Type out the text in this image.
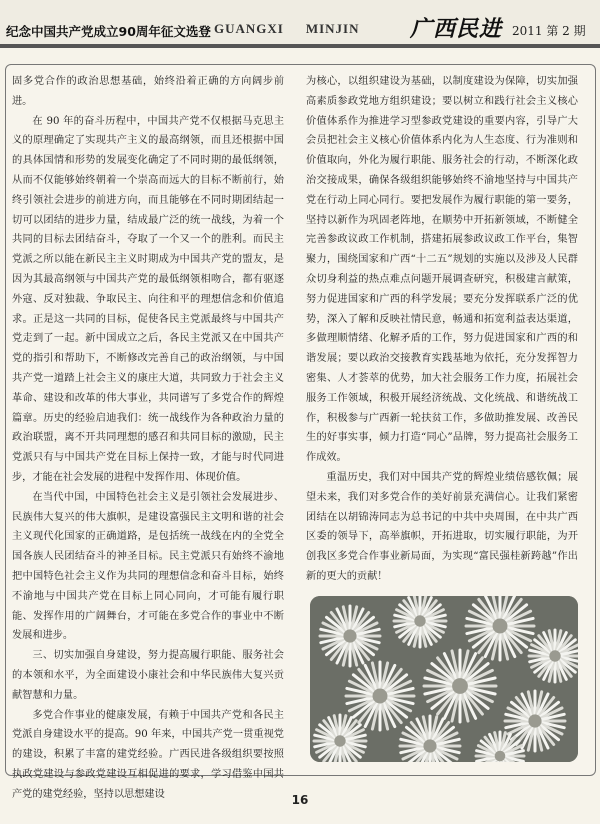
纪念中国共产党成立90周年征文选登 GUANGXI MINJIN 广西民进 2011 第 2 期

固多党合作的政治思想基础，始终沿着正确的方向阔步前进。

在 90 年的奋斗历程中，中国共产党不仅根据马克思主义的原理确定了实现共产主义的最高纲领，而且还根据中国的具体国情和形势的发展变化确定了不同时期的最低纲领，从而不仅能够始终朝着一个崇高而远大的目标不断前行，始终引领社会进步的前进方向，而且能够在不同时期团结起一切可以团结的进步力量，结成最广泛的统一战线，为着一个共同的目标去团结奋斗，夺取了一个又一个的胜利。而民主党派之所以能在新民主主义时期成为中国共产党的盟友，是因为其最高纲领与中国共产党的最低纲领相吻合，都有驱逐外寇、反对独裁、争取民主、向往和平的理想信念和价值追求。正是这一共同的目标，促使各民主党派最终与中国共产党走到了一起。新中国成立之后，各民主党派又在中国共产党的指引和帮助下，不断修改完善自己的政治纲领，与中国共产党一道踏上社会主义的康庄大道，共同致力于社会主义革命、建设和改革的伟大事业，共同谱写了多党合作的辉煌篇章。历史的经验启迪我们：统一战线作为各种政治力量的政治联盟，离不开共同理想的感召和共同目标的激励，民主党派只有与中国共产党在目标上保持一致，才能与时代同进步，才能在社会发展的进程中发挥作用、体现价值。

在当代中国，中国特色社会主义是引领社会发展进步、民族伟大复兴的伟大旗帜，是建设富强民主文明和谐的社会主义现代化国家的正确道路，是包括统一战线在内的全党全国各族人民团结奋斗的神圣目标。民主党派只有始终不渝地把中国特色社会主义作为共同的理想信念和奋斗目标，始终不渝地与中国共产党在目标上同心同向，才可能有履行职能、发挥作用的广阔舞台，才可能在多党合作的事业中不断发展和进步。

三、切实加强自身建设，努力提高履行职能、服务社会的本领和水平，为全面建设小康社会和中华民族伟大复兴贡献智慧和力量。

多党合作事业的健康发展，有赖于中国共产党和各民主党派自身建设水平的提高。90 年来，中国共产党一贯重视党的建设，积累了丰富的建党经验。广西民进各级组织要按照执政党建设与参政党建设互相促进的要求，学习借鉴中国共产党的建党经验，坚持以思想建设

为核心，以组织建设为基础，以制度建设为保障，切实加强高素质参政党地方组织建设；要以树立和践行社会主义核心价值体系作为推进学习型参政党建设的重要内容，引导广大会员把社会主义核心价值体系内化为人生态度、行为准则和价值取向，外化为履行职能、服务社会的行动，不断深化政治交接成果，确保各级组织能够始终不渝地坚持与中国共产党在行动上同心同行。要把发展作为履行职能的第一要务，坚持以新作为巩固老阵地，在顺势中开拓新领域，不断健全完善参政议政工作机制，搭建拓展参政议政工作平台，集智聚力，围绕国家和广西“十二五”规划的实施以及涉及人民群众切身利益的热点难点问题开展调查研究，积极建言献策，努力促进国家和广西的科学发展；要充分发挥联系广泛的优势，深入了解和反映社情民意，畅通和拓宽利益表达渠道，多做理顺情绪、化解矛盾的工作，努力促进国家和广西的和谐发展；要以政治交接教育实践基地为依托，充分发挥智力密集、人才荟萃的优势，加大社会服务工作力度，拓展社会服务工作领域，积极开展经济统战、文化统战、和谐统战工作，积极参与广西新一轮扶贫工作，多做助推发展、改善民生的好事实事，倾力打造“同心”品牌，努力提高社会服务工作成效。

重温历史，我们对中国共产党的辉煌业绩倍感钦佩；展望未来，我们对多党合作的美好前景充满信心。让我们紧密团结在以胡锦涛同志为总书记的中共中央周围，在中共广西区委的领导下，高举旗帜，开拓进取，切实履行职能，为开创我区多党合作事业新局面，为实现“富民强桂新跨越”作出新的更大的贡献！

16
